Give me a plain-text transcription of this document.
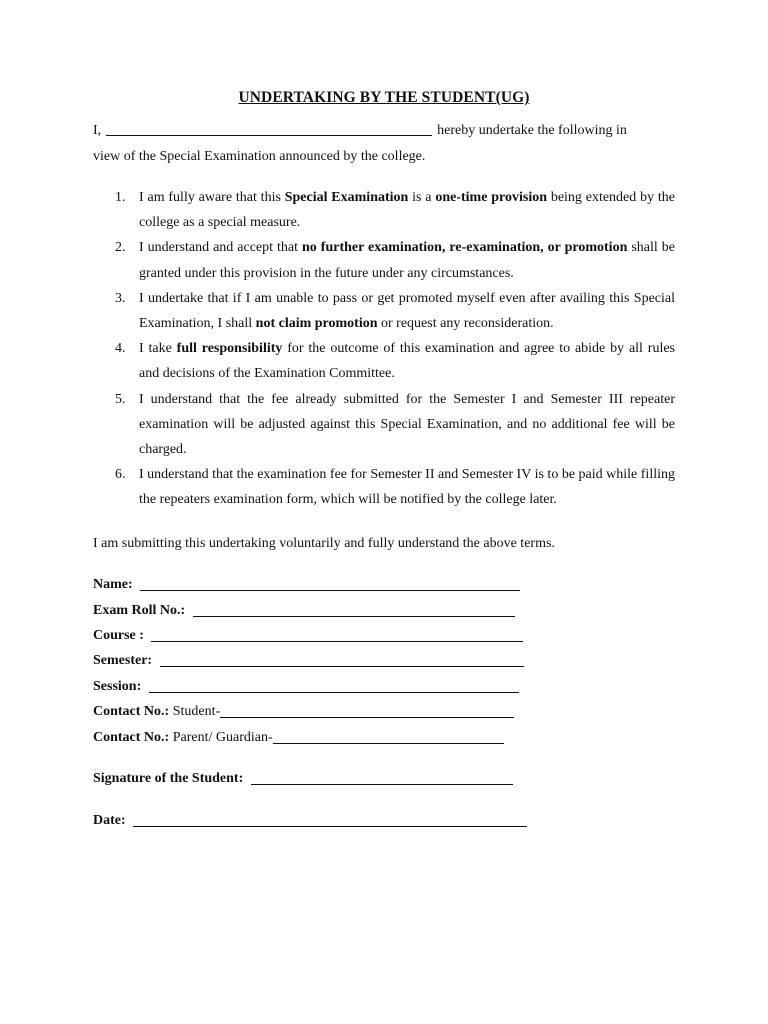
UNDERTAKING BY THE STUDENT(UG)
I,	hereby undertake the following in
view of the Special Examination announced by the college.
1. I am fully aware that this Special Examination is a one-time provision being extended by the college as a special measure.
2. I understand and accept that no further examination, re-examination, or promotion shall be granted under this provision in the future under any circumstances.
3. I undertake that if I am unable to pass or get promoted myself even after availing this Special Examination, I shall not claim promotion or request any reconsideration.
4. I take full responsibility for the outcome of this examination and agree to abide by all rules and decisions of the Examination Committee.
5. I understand that the fee already submitted for the Semester I and Semester III repeater examination will be adjusted against this Special Examination, and no additional fee will be charged.
6. I understand that the examination fee for Semester II and Semester IV is to be paid while filling the repeaters examination form, which will be notified by the college later.
I am submitting this undertaking voluntarily and fully understand the above terms.
Name:
Exam Roll No.:
Course :
Semester:
Session:
Contact No.: Student-
Contact No.: Parent/ Guardian-
Signature of the Student:
Date:
